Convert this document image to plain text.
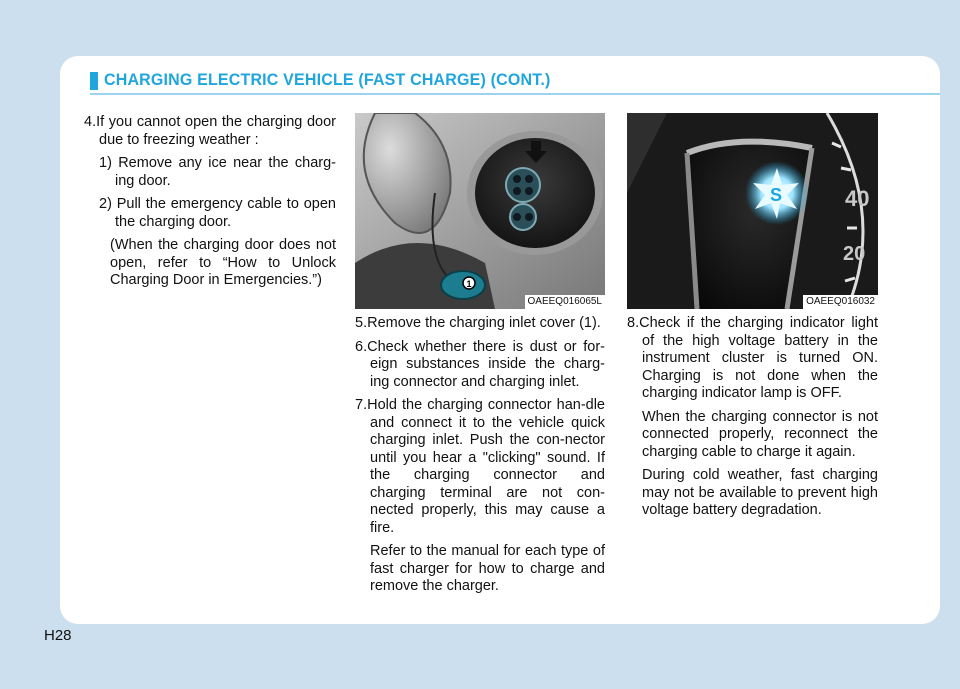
CHARGING ELECTRIC VEHICLE (FAST CHARGE) (CONT.)

4.If you cannot open the charging door due to freezing weather :

1) Remove any ice near the charg-ing door.

2) Pull the emergency cable to open the charging door.

(When the charging door does not open, refer to “How to Unlock Charging Door in Emergencies.”)	1
OAEEQ016065L
S	40
20
OAEEQ016032

5.Remove the charging inlet cover (1).

6.Check whether there is dust or for-eign substances inside the charg-ing connector and charging inlet.

7.Hold the charging connector han-dle and connect it to the vehicle quick charging inlet. Push the con-nector until you hear a "clicking" sound. If the charging connector and charging terminal are not con-nected properly, this may cause a fire.

Refer to the manual for each type of fast charger for how to charge and remove the charger.

8.Check if the charging indicator light of the high voltage battery in the instrument cluster is turned ON. Charging is not done when the charging indicator lamp is OFF.

When the charging connector is not connected properly, reconnect the charging cable to charge it again.

During cold weather, fast charging may not be available to prevent high voltage battery degradation.

H28
